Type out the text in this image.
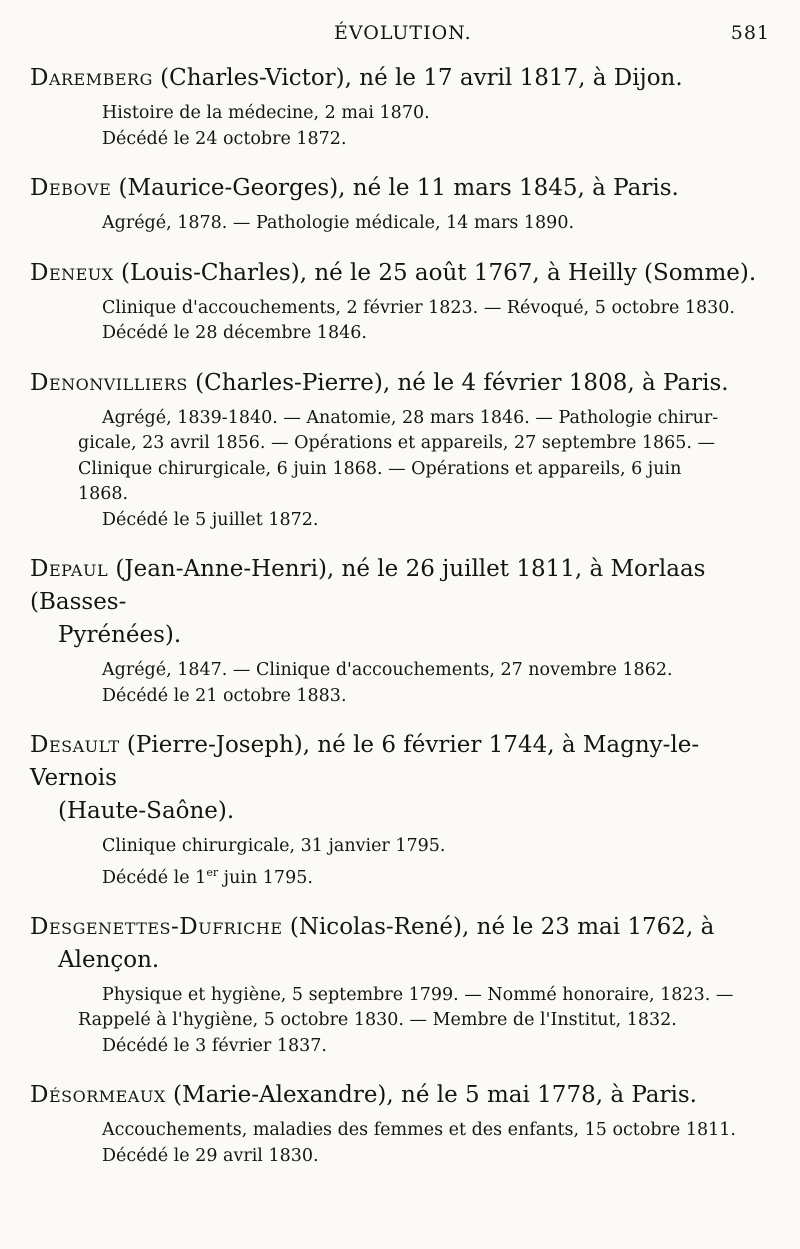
ÉVOLUTION.	581
Daremberg (Charles-Victor), né le 17 avril 1817, à Dijon.
Histoire de la médecine, 2 mai 1870.
Décédé le 24 octobre 1872.
Debove (Maurice-Georges), né le 11 mars 1845, à Paris.
Agrégé, 1878. — Pathologie médicale, 14 mars 1890.
Deneux (Louis-Charles), né le 25 août 1767, à Heilly (Somme).
Clinique d'accouchements, 2 février 1823. — Révoqué, 5 octobre 1830.
Décédé le 28 décembre 1846.
Denonvilliers (Charles-Pierre), né le 4 février 1808, à Paris.
Agrégé, 1839-1840. — Anatomie, 28 mars 1846. — Pathologie chirur-
gicale, 23 avril 1856. — Opérations et appareils, 27 septembre 1865. —
Clinique chirurgicale, 6 juin 1868. — Opérations et appareils, 6 juin
1868.
Décédé le 5 juillet 1872.
Depaul (Jean-Anne-Henri), né le 26 juillet 1811, à Morlaas (Basses-
Pyrénées).
Agrégé, 1847. — Clinique d'accouchements, 27 novembre 1862.
Décédé le 21 octobre 1883.
Desault (Pierre-Joseph), né le 6 février 1744, à Magny-le-Vernois
(Haute-Saône).
Clinique chirurgicale, 31 janvier 1795.
Décédé le 1er juin 1795.
Desgenettes-Dufriche (Nicolas-René), né le 23 mai 1762, à
Alençon.
Physique et hygiène, 5 septembre 1799. — Nommé honoraire, 1823. —
Rappelé à l'hygiène, 5 octobre 1830. — Membre de l'Institut, 1832.
Décédé le 3 février 1837.
Désormeaux (Marie-Alexandre), né le 5 mai 1778, à Paris.
Accouchements, maladies des femmes et des enfants, 15 octobre 1811.
Décédé le 29 avril 1830.
